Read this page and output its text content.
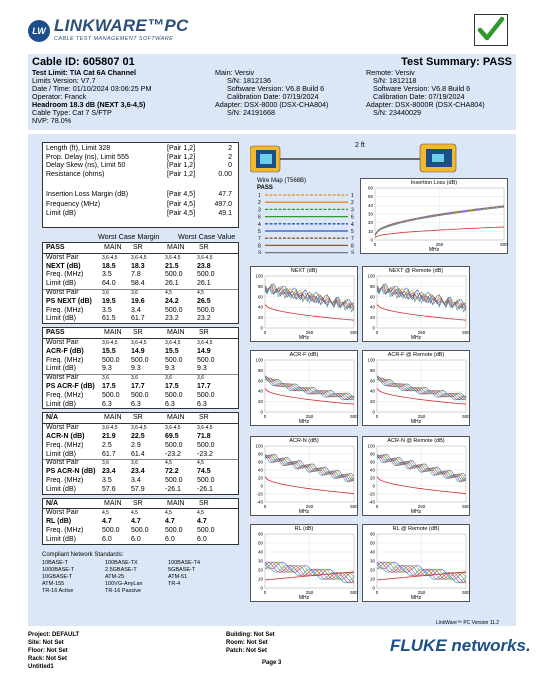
LW LINKWARE™PC
CABLE TEST MANAGEMENT SOFTWARE
Cable ID: 605807 01	Test Summary: PASS
Test Limit: TIA Cat 6A Channel
Limits Version: V7.7
Date / Time: 01/10/2024 03:06:25 PM
Operator: Franck
Headroom 18.3 dB (NEXT 3,6-4,5)
Cable Type: Cat 7 S/FTP
NVP: 78.0%
Main: Versiv
S/N: 1812136
Software Version: V6.8 Build 6
Calibration Date: 07/19/2024
Adapter: DSX-8000 (DSX-CHA804)
S/N: 24191668
Remote: Versiv
S/N: 1812118
Software Version: V6.8 Build 6
Calibration Date: 07/19/2024
Adapter: DSX-8000R (DSX-CHA804)
S/N: 23440029
Length (ft), Limit 328	[Pair 1,2]	2
Prop. Delay (ns), Limit 555	[Pair 1,2]	2
Delay Skew (ns), Limit 50	[Pair 1,2]	0
Resistance (ohms)	[Pair 1,2]	0.00
Insertion Loss Margin (dB)	[Pair 4,5]	47.7
Frequency (MHz)	[Pair 4,5]	497.0
Limit (dB)	[Pair 4,5]	49.1
Worst Case Margin	Worst Case Value
PASS	MAIN SR	MAIN SR
Worst Pair	3,6-4,5	3,6-4,5	3,6-4,5	3,6-4,5
NEXT (dB)	18.5 18.3	21.5	23.8
Freq. (MHz)	3.5	7.8	500.0 500.0
Limit (dB)	64.0 58.4	26.1	26.1
Worst Pair	3,6	3,6	4,5	4,5
PS NEXT (dB) 19.5 19.6	24.2	26.5
Freq. (MHz)	3.5	3.4	500.0 500.0
Limit (dB)	61.5 61.7	23.2	23.2
PASS	MAIN SR	MAIN SR
Worst Pair	3,6-4,5	3,6-4,5	3,6-4,5	3,6-4,5
ACR-F (dB)	15.5 14.9	15.5	14.9
Freq. (MHz)	500.0 500.0 500.0 500.0
Limit (dB)	9.3	9.3	9.3	9.3
Worst Pair	3,6	3,6	3,6	3,6
PS ACR-F (dB) 17.5 17.7	17.5	17.7
Freq. (MHz)	500.0 500.0 500.0 500.0
Limit (dB)	6.3	6.3	6.3	6.3
N/A	MAIN SR	MAIN SR
Worst Pair	3,6-4,5	3,6-4,5	3,6-4,5	3,6-4,5
ACR-N (dB)	21.9 22.5	69.5	71.8
Freq. (MHz)	2.5	2.9	500.0 500.0
Limit (dB)	61.7 61.4	-23.2 -23.2
Worst Pair	3,6	3,6	4,5	4,5
PS ACR-N (dB) 23.4 23.4	72.2	74.5
Freq. (MHz)	3.5	3.4	500.0 500.0
Limit (dB)	57.6 57.9	-26.1 -26.1
N/A	MAIN SR	MAIN SR
Worst Pair	4,5	4,5	4,5	4,5
RL (dB)	4.7	4.7	4.7	4.7
Freq. (MHz)	500.0 500.0 500.0 500.0
Limit (dB)	6.0	6.0	6.0	6.0
Compliant Network Standards:
10BASE-T	100BASE-TX	100BASE-T4
1000BASE-T	2.5GBASE-T	5GBASE-T
10GBASE-T	ATM-25	ATM-51
ATM-155	100VG-AnyLan	TR-4
TR-16 Active	TR-16 Passive
2 ft
Wire Map (T568B)
PASS
1	1
2	2
3	3
6	6
4	4
5	5
7	7
8	8
S	S
Insertion Loss (dB)
MHz
60
50
40
30
20
10
0
0	250	500
NEXT (dB)
MHz
100
80
60
40
20
0
0	250	500
NEXT @ Remote (dB)
MHz
100
80
60
40
20
0
0	250	500
ACR-F (dB)
MHz
100
80
60
40
20
0
0	250	500
ACR-F @ Remote (dB)
MHz
100
80
60
40
20
0
0	250	500
ACR-N (dB)
MHz
100
80
60
40
20
0
-20
-40
0	250	500
ACR-N @ Remote (dB)
MHz
100
80
60
40
20
0
-20
-40
0	250	500
RL (dB)
MHz
60
50
40
30
20
10
0
0	250	500
RL @ Remote (dB)
MHz
60
50
40
30
20
10
0
0	250	500
LinkWare™ PC Version 11.2
Project: DEFAULT
Site: Not Set
Floor: Not Set
Rack: Not Set
Untitled1
Building: Not Set
Room: Not Set
Patch: Not Set
Page 3
FLUKE networks.
